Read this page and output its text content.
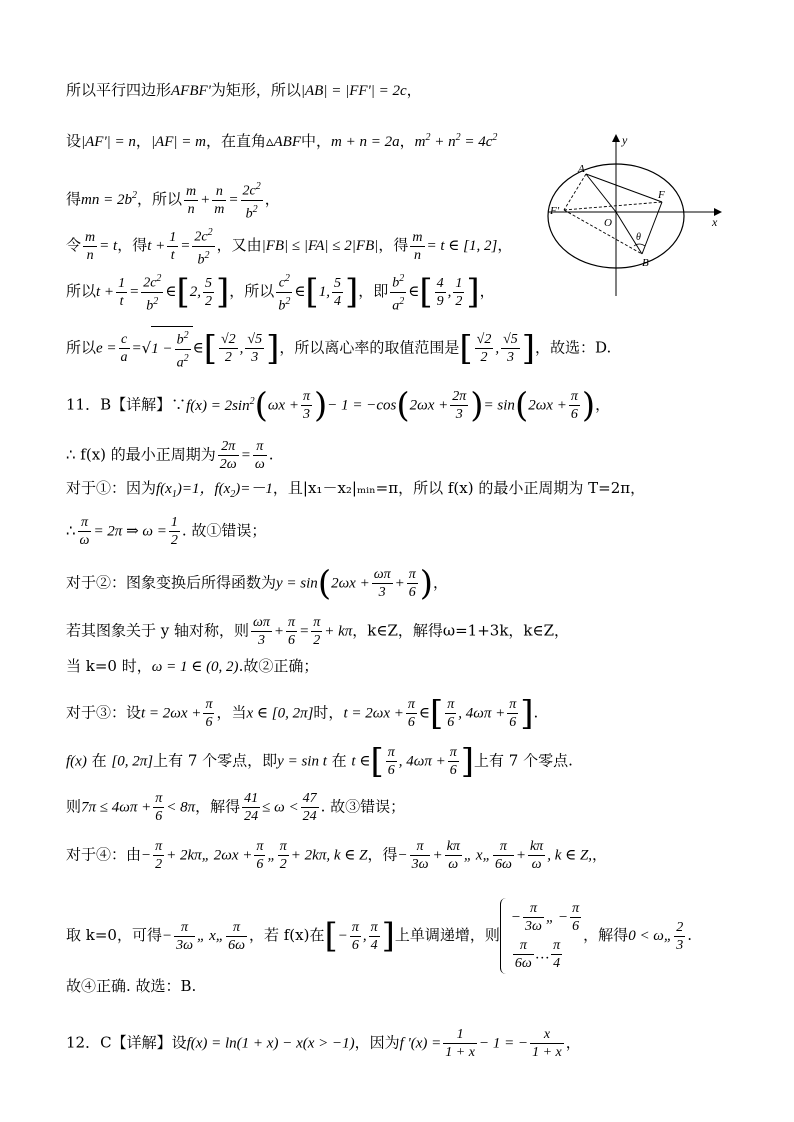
所以平行四边形AFBF'为矩形，所以|AB| = |FF'| = 2c，
设|AF'| = n，|AF| = m，在直角▵ABF中，m + n = 2a，$m^2 + n^2 = 4c^2$
得mn = $2b^2$，所以 $\frac{m}{n} + \frac{n}{m} = \frac{2c^2}{b^2}$ ，
令 $\frac{m}{n} = t$，得$t + \frac{1}{t} = \frac{2c^2}{b^2}$ ，又由|FB| ≤ |FA| ≤ 2|FB|，得 $\frac{m}{n} = t$ ∈ [1, 2]，
所以$t + \frac{1}{t} = \frac{2c^2}{b^2}$ ∈[2, $\frac{5}{2}$ ]，所以 $\frac{c^2}{b^2}$ ∈[1, $\frac{5}{4}$ ]，即 $\frac{b^2}{a^2}$ ∈[ $\frac{4}{9}$ , $\frac{1}{2}$ ]，
所以$e = \frac{c}{a} =√1 - \frac{b^2}{a^2}$ ∈[ $\frac{√2}{2}$ , $\frac{√5}{3}$ ]，所以离心率的取值范围是[ $\frac{√2}{2}$ , $\frac{√5}{3}$ ]，故选：D.
11．B【详解】∵f(x) = $2\sin^2(\omega x + \frac{\pi}{3}$ )− $1 = -\cos(2\omega x + \frac{2\pi}{3}$ )= $\sin(2\omega x + \frac{\pi}{6}$ )，
∴ f(x) 的最小正周期为 $\frac{2\pi}{2\omega} = \frac{\pi}{\omega}$ .
对于①：因为$f(x_1)=1$，$f(x_2)=-1$，且|x₁－x₂|ₘᵢₙ=π，所以 f(x) 的最小正周期为 T=2π，
∴ $\frac{\pi}{\omega} = 2\pi$ ⇒ $\omega = \frac{1}{2}$ . 故①错误；
对于②：图象变换后所得函数为$y = \sin(2\omega x + \frac{\omega\pi}{3} + \frac{\pi}{6}$ )，
若其图象关于 y 轴对称，则 $\frac{\omega\pi}{3} + \frac{\pi}{6} = \frac{\pi}{2} + k\pi$，k∈Z，解得ω=1+3k，k∈Z，
当 k=0 时，ω = 1 ∈ (0, 2).故②正确；
对于③：设$t = 2\omega x + \frac{\pi}{6}$ ，当x ∈ [0, 2π]时，$t = 2\omega x + \frac{\pi}{6}$ ∈[ $\frac{\pi}{6}$ , $4\omega\pi + \frac{\pi}{6}$ ].
f(x) 在 [0, 2π]上有 7 个零点，即y = sin t 在 t ∈[ $\frac{\pi}{6}$ , $4\omega\pi + \frac{\pi}{6}$ ]上有 7 个零点.
则$7\pi \le 4\omega\pi + \frac{\pi}{6} < 8\pi$，解得 $\frac{41}{24} \le \omega < \frac{47}{24}$ . 故③错误；
对于④：由− $\frac{\pi}{2}$ + 2kπ„ $2\omega x + \frac{\pi}{6}$ „ $\frac{\pi}{2} + 2k\pi$, k ∈ Z，得− $\frac{\pi}{3\omega} + \frac{k\pi}{\omega}$ „ x„ $\frac{\pi}{6\omega} + \frac{k\pi}{\omega}$ , k ∈ Z,，
取 k=0，可得− $\frac{\pi}{3\omega}$ „ x„ $\frac{\pi}{6\omega}$ ，若 f(x)在[− $\frac{\pi}{6}$ , $\frac{\pi}{4}$ ]上单调递增，则
− $\frac{\pi}{3\omega}$ „ − $\frac{\pi}{6}$
$\frac{\pi}{6\omega}$ … $\frac{\pi}{4}$
，解得0 < ω„ $\frac{2}{3}$ .
故④正确. 故选：B.
12．C【详解】设f(x) = ln(1 + x) − x(x > −1)，因为f '$(x) = \frac{1}{1 + x} - 1$ = − $\frac{x}{1 + x}$ ，
y
x
A
B
F
F'
O
θ
